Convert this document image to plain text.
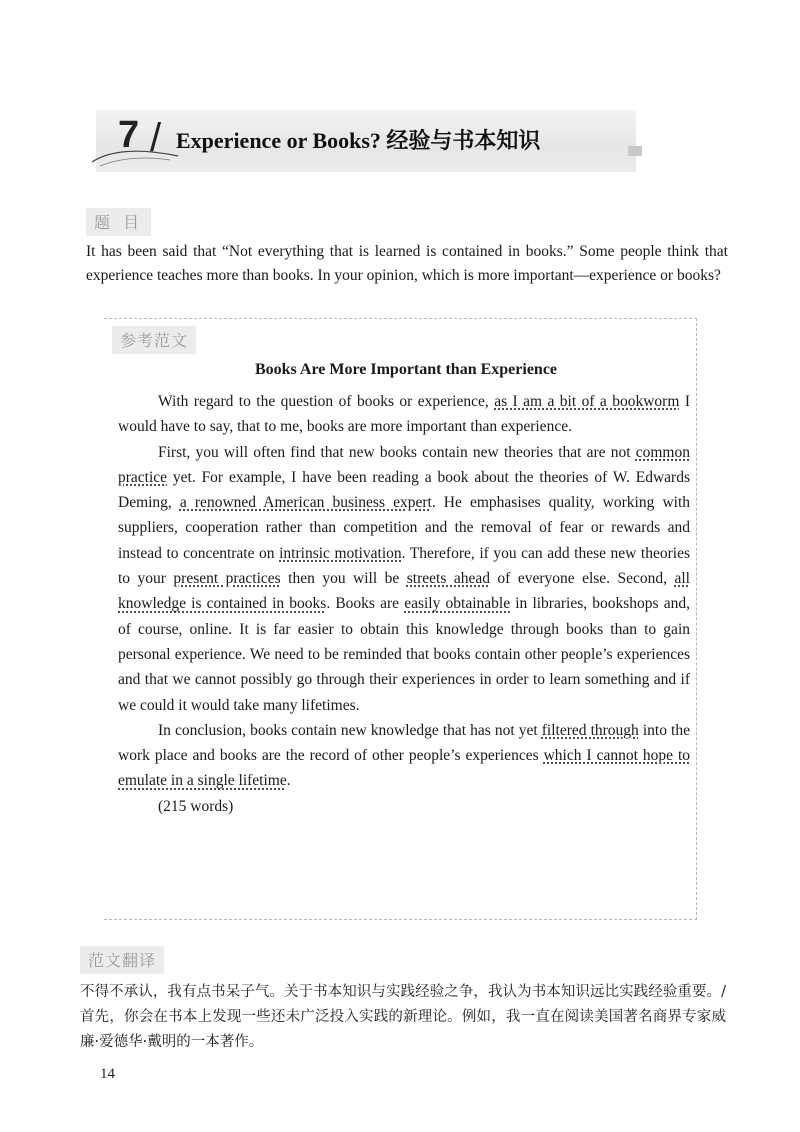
7 / Experience or Books? 经验与书本知识
题 目
It has been said that “Not everything that is learned is contained in books.” Some people think that experience teaches more than books. In your opinion, which is more important—experience or books?
参考范文
Books Are More Important than Experience

With regard to the question of books or experience, as I am a bit of a bookworm I would have to say, that to me, books are more important than experience.

First, you will often find that new books contain new theories that are not common practice yet. For example, I have been reading a book about the theories of W. Edwards Deming, a renowned American business expert. He emphasises quality, working with suppliers, cooperation rather than competition and the removal of fear or rewards and instead to concentrate on intrinsic motivation. Therefore, if you can add these new theories to your present practices then you will be streets ahead of everyone else. Second, all knowledge is contained in books. Books are easily obtainable in libraries, bookshops and, of course, online. It is far easier to obtain this knowledge through books than to gain personal experience. We need to be reminded that books contain other people’s experiences and that we cannot possibly go through their experiences in order to learn something and if we could it would take many lifetimes.

In conclusion, books contain new knowledge that has not yet filtered through into the work place and books are the record of other people’s experiences which I cannot hope to emulate in a single lifetime.

(215 words)

范文翻译
不得不承认，我有点书呆子气。关于书本知识与实践经验之争，我认为书本知识远比实践经验重要。/首先，你会在书本上发现一些还未广泛投入实践的新理论。例如，我一直在阅读美国著名商界专家威廉·爱德华·戴明的一本著作。
14
